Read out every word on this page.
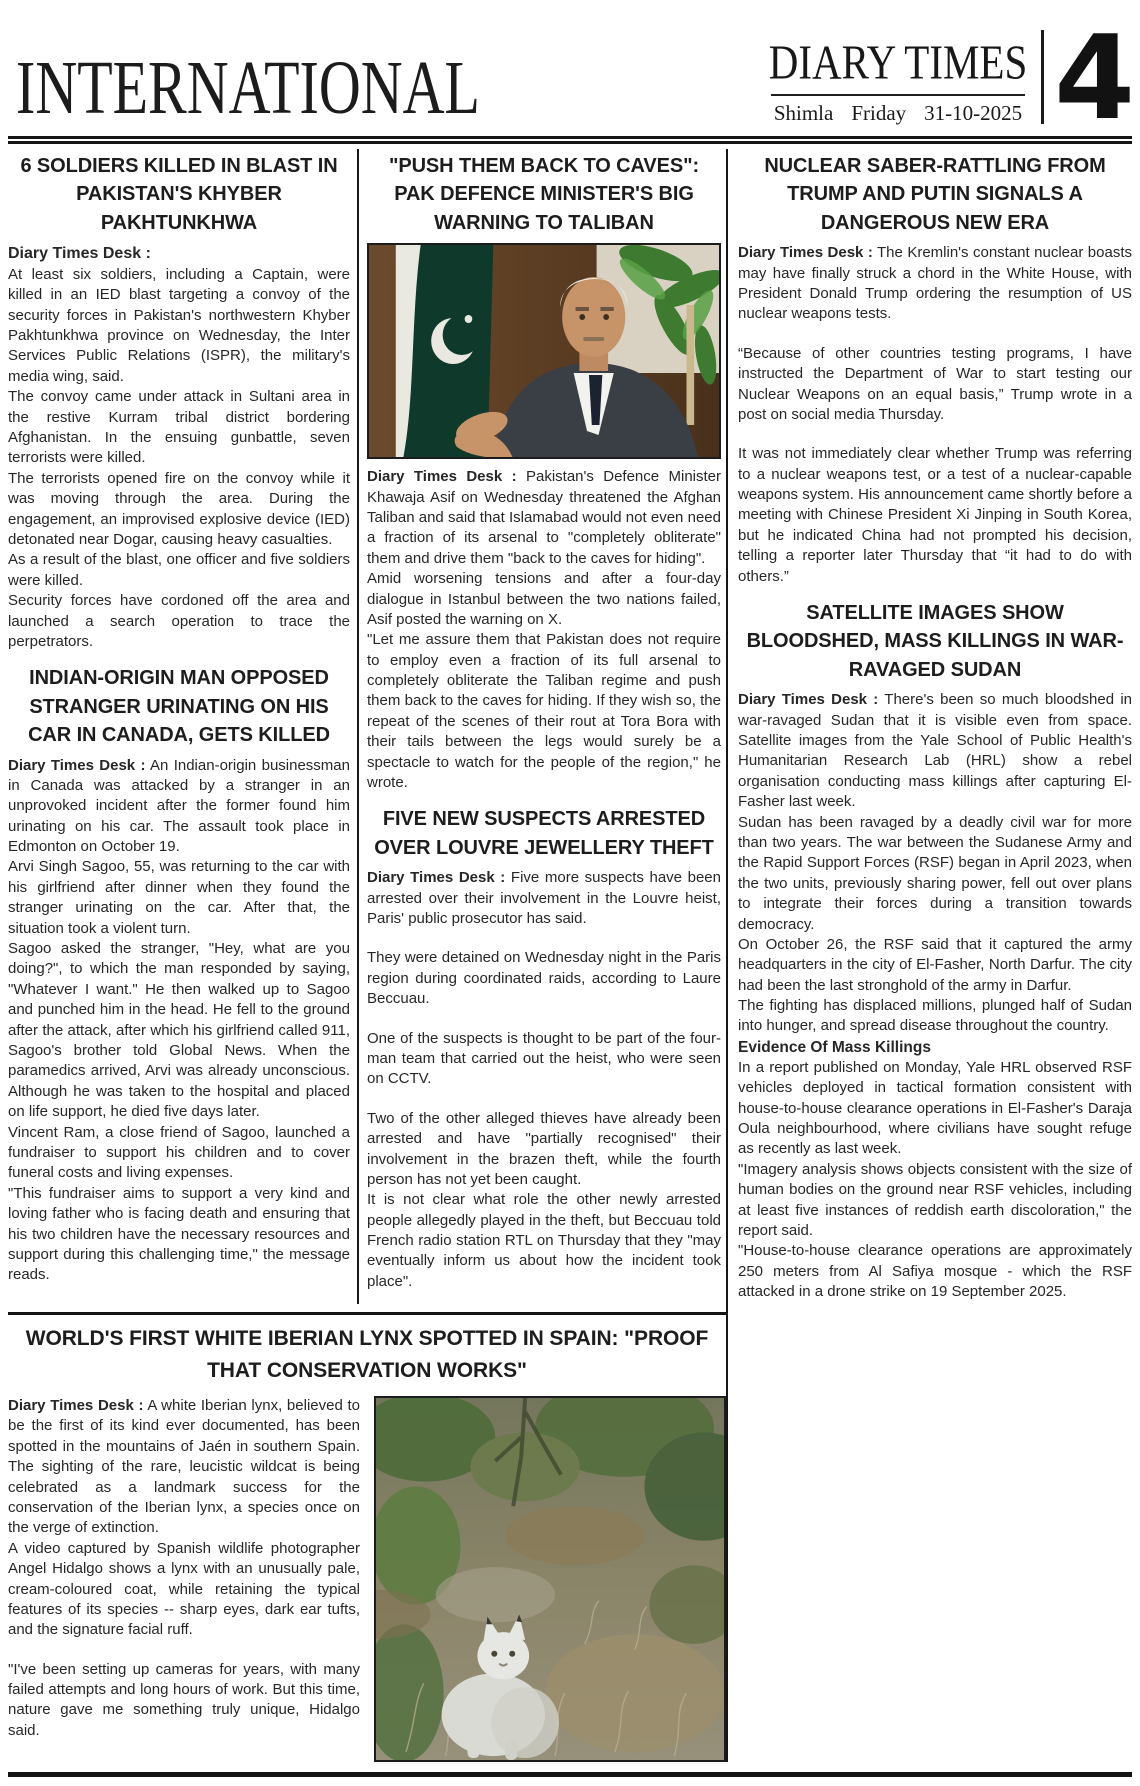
INTERNATIONAL	DIARY TIMES
Shimla Friday 31-10-2025 4
6 SOLDIERS KILLED IN BLAST IN PAKISTAN'S KHYBER PAKHTUNKHWA

Diary Times Desk :

At least six soldiers, including a Captain, were killed in an IED blast targeting a convoy of the security forces in Pakistan's northwestern Khyber Pakhtunkhwa province on Wednesday, the Inter Services Public Relations (ISPR), the military's media wing, said.

The convoy came under attack in Sultani area in the restive Kurram tribal district bordering Afghanistan. In the ensuing gunbattle, seven terrorists were killed.

The terrorists opened fire on the convoy while it was moving through the area. During the engagement, an improvised explosive device (IED) detonated near Dogar, causing heavy casualties.

As a result of the blast, one officer and five soldiers were killed.

Security forces have cordoned off the area and launched a search operation to trace the perpetrators.

INDIAN-ORIGIN MAN OPPOSED STRANGER URINATING ON HIS CAR IN CANADA, GETS KILLED

Diary Times Desk : An Indian-origin businessman in Canada was attacked by a stranger in an unprovoked incident after the former found him urinating on his car. The assault took place in Edmonton on October 19.

Arvi Singh Sagoo, 55, was returning to the car with his girlfriend after dinner when they found the stranger urinating on the car. After that, the situation took a violent turn.

Sagoo asked the stranger, "Hey, what are you doing?", to which the man responded by saying, "Whatever I want." He then walked up to Sagoo and punched him in the head. He fell to the ground after the attack, after which his girlfriend called 911, Sagoo's brother told Global News. When the paramedics arrived, Arvi was already unconscious. Although he was taken to the hospital and placed on life support, he died five days later.

Vincent Ram, a close friend of Sagoo, launched a fundraiser to support his children and to cover funeral costs and living expenses.

"This fundraiser aims to support a very kind and loving father who is facing death and ensuring that his two children have the necessary resources and support during this challenging time," the message reads.

"PUSH THEM BACK TO CAVES": PAK DEFENCE MINISTER'S BIG WARNING TO TALIBAN

Diary Times Desk : Pakistan's Defence Minister Khawaja Asif on Wednesday threatened the Afghan Taliban and said that Islamabad would not even need a fraction of its arsenal to "completely obliterate" them and drive them "back to the caves for hiding".

Amid worsening tensions and after a four-day dialogue in Istanbul between the two nations failed, Asif posted the warning on X.

"Let me assure them that Pakistan does not require to employ even a fraction of its full arsenal to completely obliterate the Taliban regime and push them back to the caves for hiding. If they wish so, the repeat of the scenes of their rout at Tora Bora with their tails between the legs would surely be a spectacle to watch for the people of the region," he wrote.

FIVE NEW SUSPECTS ARRESTED OVER LOUVRE JEWELLERY THEFT

Diary Times Desk : Five more suspects have been arrested over their involvement in the Louvre heist, Paris' public prosecutor has said.

They were detained on Wednesday night in the Paris region during coordinated raids, according to Laure Beccuau.

One of the suspects is thought to be part of the four-man team that carried out the heist, who were seen on CCTV.

Two of the other alleged thieves have already been arrested and have "partially recognised" their involvement in the brazen theft, while the fourth person has not yet been caught.

It is not clear what role the other newly arrested people allegedly played in the theft, but Beccuau told French radio station RTL on Thursday that they "may eventually inform us about how the incident took place".

WORLD'S FIRST WHITE IBERIAN LYNX SPOTTED IN SPAIN: "PROOF THAT CONSERVATION WORKS"

Diary Times Desk : A white Iberian lynx, believed to be the first of its kind ever documented, has been spotted in the mountains of Jaén in southern Spain. The sighting of the rare, leucistic wildcat is being celebrated as a landmark success for the conservation of the Iberian lynx, a species once on the verge of extinction.

A video captured by Spanish wildlife photographer Angel Hidalgo shows a lynx with an unusually pale, cream-coloured coat, while retaining the typical features of its species -- sharp eyes, dark ear tufts, and the signature facial ruff.

"I've been setting up cameras for years, with many failed attempts and long hours of work. But this time, nature gave me something truly unique, Hidalgo said.

NUCLEAR SABER-RATTLING FROM TRUMP AND PUTIN SIGNALS A DANGEROUS NEW ERA

Diary Times Desk : The Kremlin's constant nuclear boasts may have finally struck a chord in the White House, with President Donald Trump ordering the resumption of US nuclear weapons tests.

“Because of other countries testing programs, I have instructed the Department of War to start testing our Nuclear Weapons on an equal basis,” Trump wrote in a post on social media Thursday.

It was not immediately clear whether Trump was referring to a nuclear weapons test, or a test of a nuclear-capable weapons system. His announcement came shortly before a meeting with Chinese President Xi Jinping in South Korea, but he indicated China had not prompted his decision, telling a reporter later Thursday that “it had to do with others.”

SATELLITE IMAGES SHOW BLOODSHED, MASS KILLINGS IN WAR-RAVAGED SUDAN

Diary Times Desk : There's been so much bloodshed in war-ravaged Sudan that it is visible even from space. Satellite images from the Yale School of Public Health's Humanitarian Research Lab (HRL) show a rebel organisation conducting mass killings after capturing El-Fasher last week.

Sudan has been ravaged by a deadly civil war for more than two years. The war between the Sudanese Army and the Rapid Support Forces (RSF) began in April 2023, when the two units, previously sharing power, fell out over plans to integrate their forces during a transition towards democracy.

On October 26, the RSF said that it captured the army headquarters in the city of El-Fasher, North Darfur. The city had been the last stronghold of the army in Darfur.

The fighting has displaced millions, plunged half of Sudan into hunger, and spread disease throughout the country.

Evidence Of Mass Killings

In a report published on Monday, Yale HRL observed RSF vehicles deployed in tactical formation consistent with house-to-house clearance operations in El-Fasher's Daraja Oula neighbourhood, where civilians have sought refuge as recently as last week.

"Imagery analysis shows objects consistent with the size of human bodies on the ground near RSF vehicles, including at least five instances of reddish earth discoloration," the report said.

"House-to-house clearance operations are approximately 250 meters from Al Safiya mosque - which the RSF attacked in a drone strike on 19 September 2025.
